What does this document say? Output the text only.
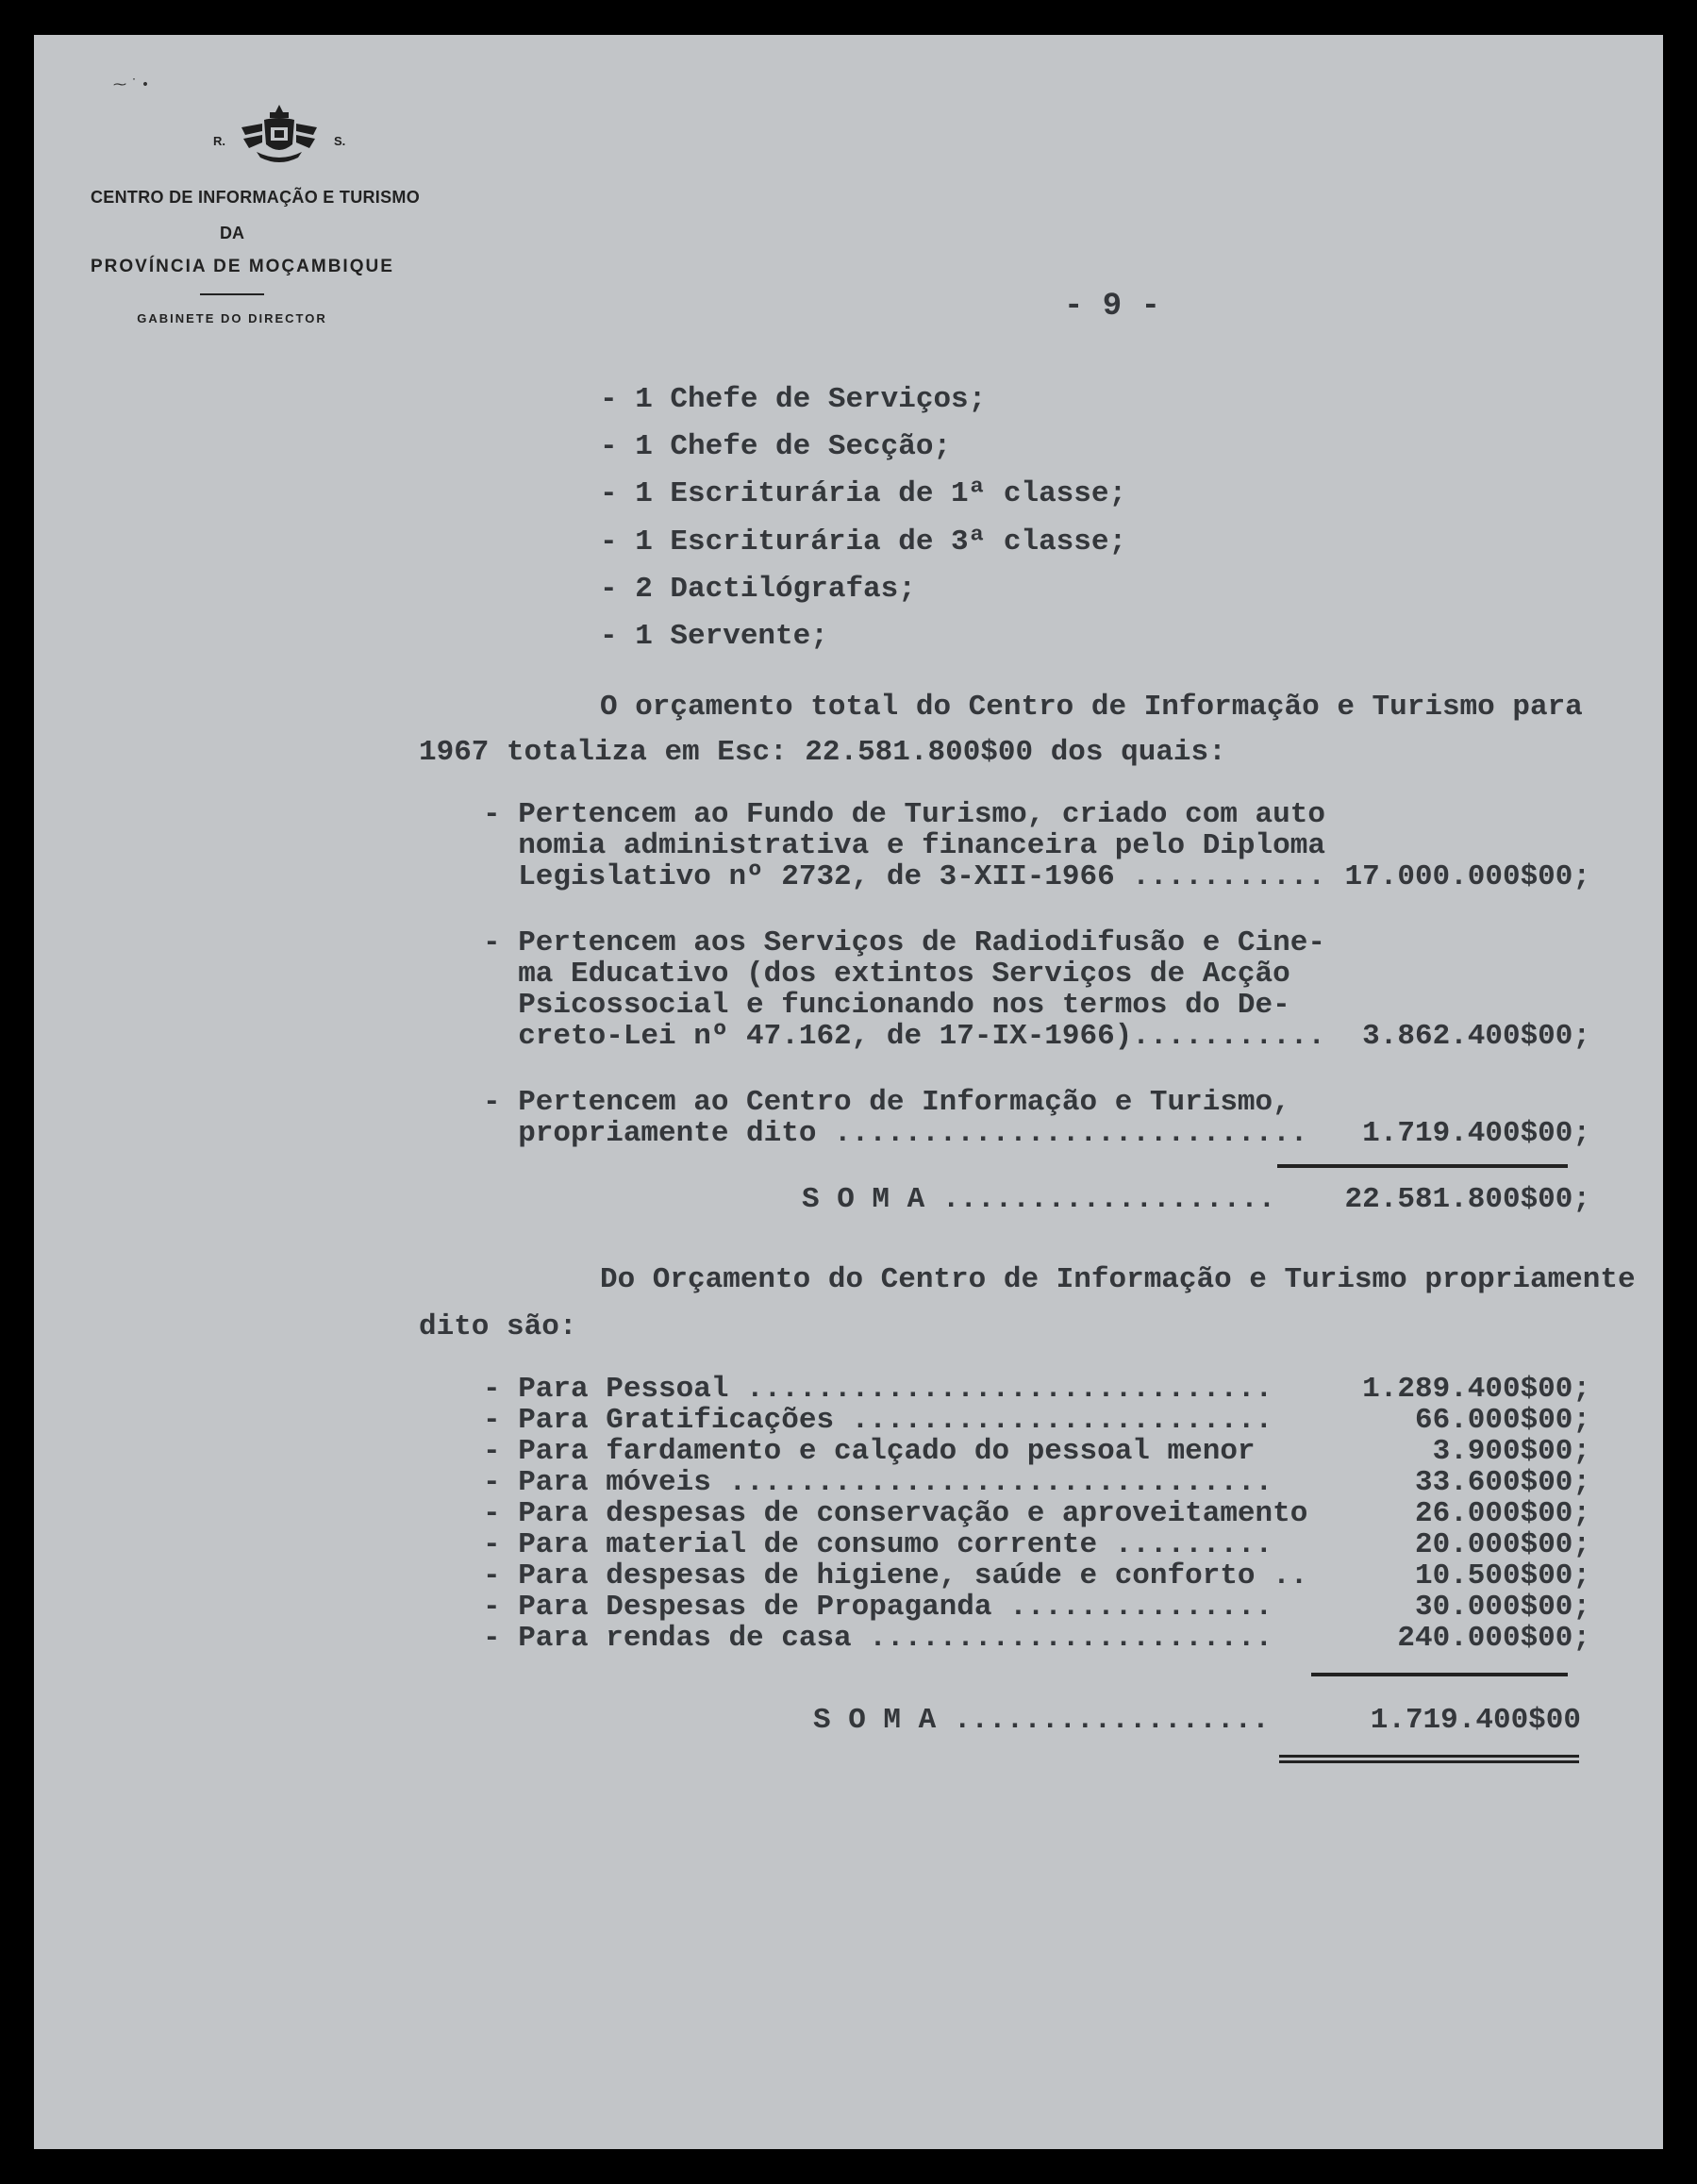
⁓ ˙ •
R.	S.
CENTRO DE INFORMAÇÃO E TURISMO
DA
PROVÍNCIA DE MOÇAMBIQUE
GABINETE DO DIRECTOR	- 9 -
- 1 Chefe de Serviços;
- 1 Chefe de Secção;
- 1 Escriturária de 1ª classe;
- 1 Escriturária de 3ª classe;
- 2 Dactilógrafas;
- 1 Servente;
O orçamento total do Centro de Informação e Turismo para
1967 totaliza em Esc: 22.581.800$00 dos quais:
- Pertencem ao Fundo de Turismo, criado com auto
nomia administrativa e financeira pelo Diploma
Legislativo nº 2732, de 3-XII-1966 ........... 17.000.000$00;
- Pertencem aos Serviços de Radiodifusão e Cine-
ma Educativo (dos extintos Serviços de Acção
Psicossocial e funcionando nos termos do De-
creto-Lei nº 47.162, de 17-IX-1966)...........	3.862.400$00;
- Pertencem ao Centro de Informação e Turismo,
propriamente dito ...........................	1.719.400$00;
S O M A ...................	22.581.800$00;
Do Orçamento do Centro de Informação e Turismo propriamente
dito são:
- Para Pessoal ..............................	1.289.400$00;
- Para Gratificações ........................	66.000$00;
- Para fardamento e calçado do pessoal menor	3.900$00;
- Para móveis ...............................	33.600$00;
- Para despesas de conservação e aproveitamento	26.000$00;
- Para material de consumo corrente .........	20.000$00;
- Para despesas de higiene, saúde e conforto ..	10.500$00;
- Para Despesas de Propaganda ...............	30.000$00;
- Para rendas de casa .......................	240.000$00;
S O M A ..................	1.719.400$00
